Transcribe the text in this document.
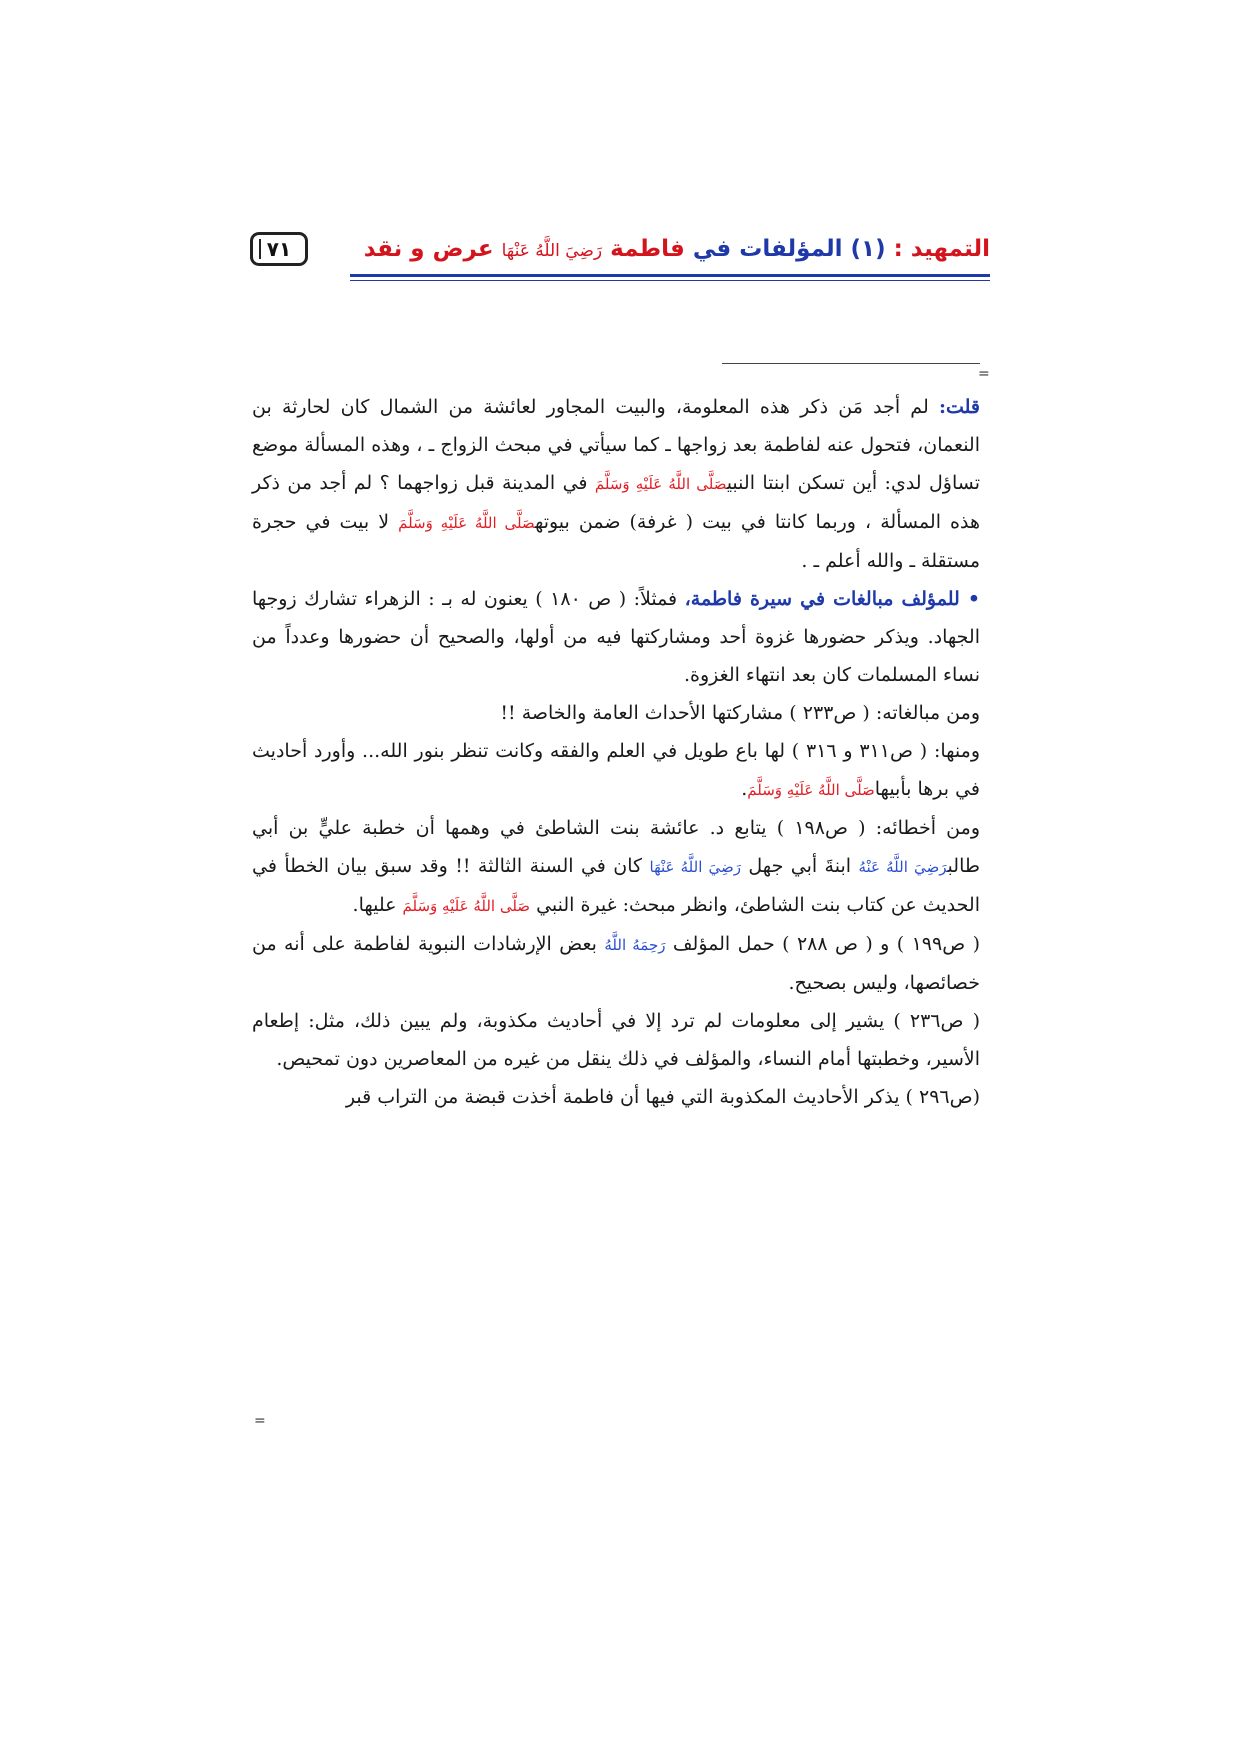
التمهيد : (١) المؤلفات في فاطمة رَضِيَ اللَّهُ عَنْهَا عرض و نقد
٧١
=

قلت: لم أجد مَن ذكر هذه المعلومة، والبيت المجاور لعائشة من الشمال كان لحارثة بن النعمان، فتحول عنه لفاطمة بعد زواجها ـ كما سيأتي في مبحث الزواج ـ ، وهذه المسألة موضع تساؤل لدي: أين تسكن ابنتا النبيصَلَّى اللَّهُ عَلَيْهِ وَسَلَّمَ في المدينة قبل زواجهما ؟ لم أجد من ذكر هذه المسألة ، وربما كانتا في بيت ( غرفة) ضمن بيوتهصَلَّى اللَّهُ عَلَيْهِ وَسَلَّمَ لا بيت في حجرة مستقلة ـ والله أعلم ـ .

• للمؤلف مبالغات في سيرة فاطمة، فمثلاً: ( ص ١٨٠ ) يعنون له بـ : الزهراء تشارك زوجها الجهاد. ويذكر حضورها غزوة أحد ومشاركتها فيه من أولها، والصحيح أن حضورها وعدداً من نساء المسلمات كان بعد انتهاء الغزوة.

ومن مبالغاته: ( ص٢٣٣ ) مشاركتها الأحداث العامة والخاصة !!

ومنها: ( ص٣١١ و ٣١٦ ) لها باع طويل في العلم والفقه وكانت تنظر بنور الله... وأورد أحاديث في برها بأبيهاصَلَّى اللَّهُ عَلَيْهِ وَسَلَّمَ.

ومن أخطائه: ( ص١٩٨ ) يتابع د. عائشة بنت الشاطئ في وهمها أن خطبة عليٍّ بن أبي طالبرَضِيَ اللَّهُ عَنْهُ ابنةَ أبي جهل رَضِيَ اللَّهُ عَنْهَا كان في السنة الثالثة !! وقد سبق بيان الخطأ في الحديث عن كتاب بنت الشاطئ، وانظر مبحث: غيرة النبي صَلَّى اللَّهُ عَلَيْهِ وَسَلَّمَ عليها.

( ص١٩٩ ) و ( ص ٢٨٨ ) حمل المؤلف رَحِمَهُ اللَّهُ بعض الإرشادات النبوية لفاطمة على أنه من خصائصها، وليس بصحيح.

( ص٢٣٦ ) يشير إلى معلومات لم ترد إلا في أحاديث مكذوبة، ولم يبين ذلك، مثل: إطعام الأسير، وخطبتها أمام النساء، والمؤلف في ذلك ينقل من غيره من المعاصرين دون تمحيص.

(ص٢٩٦ ) يذكر الأحاديث المكذوبة التي فيها أن فاطمة أخذت قبضة من التراب قبر

=
